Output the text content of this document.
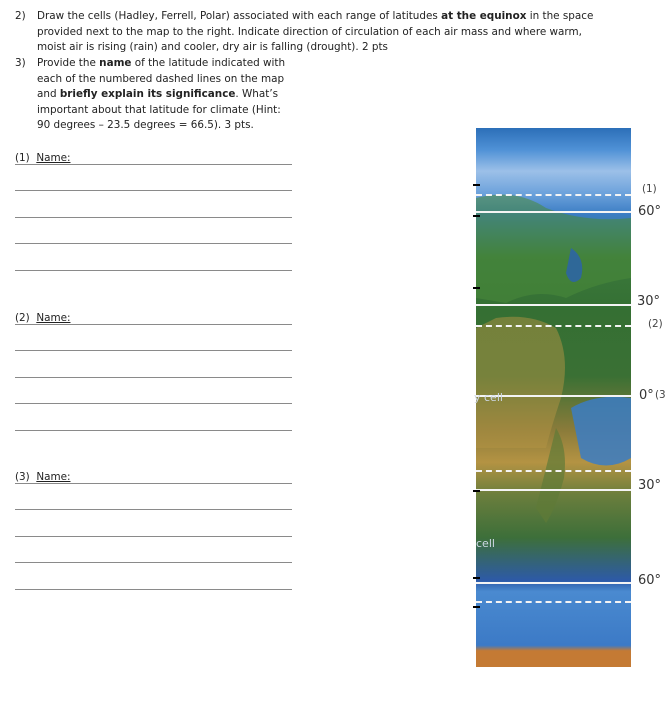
2) Draw the cells (Hadley, Ferrell, Polar) associated with each range of latitudes at the equinox in the space
provided next to the map to the right. Indicate direction of circulation of each air mass and where warm,
moist air is rising (rain) and cooler, dry air is falling (drought). 2 pts
3) Provide the name of the latitude indicated with
each of the numbered dashed lines on the map
and briefly explain its significance. What’s
important about that latitude for climate (Hint:
90 degrees – 23.5 degrees = 66.5). 3 pts.
(1) Name:
(2) Name:
(3) Name:
y cell
cell
60°
30°
0°
30°
60°
(1)
(2)
(3
